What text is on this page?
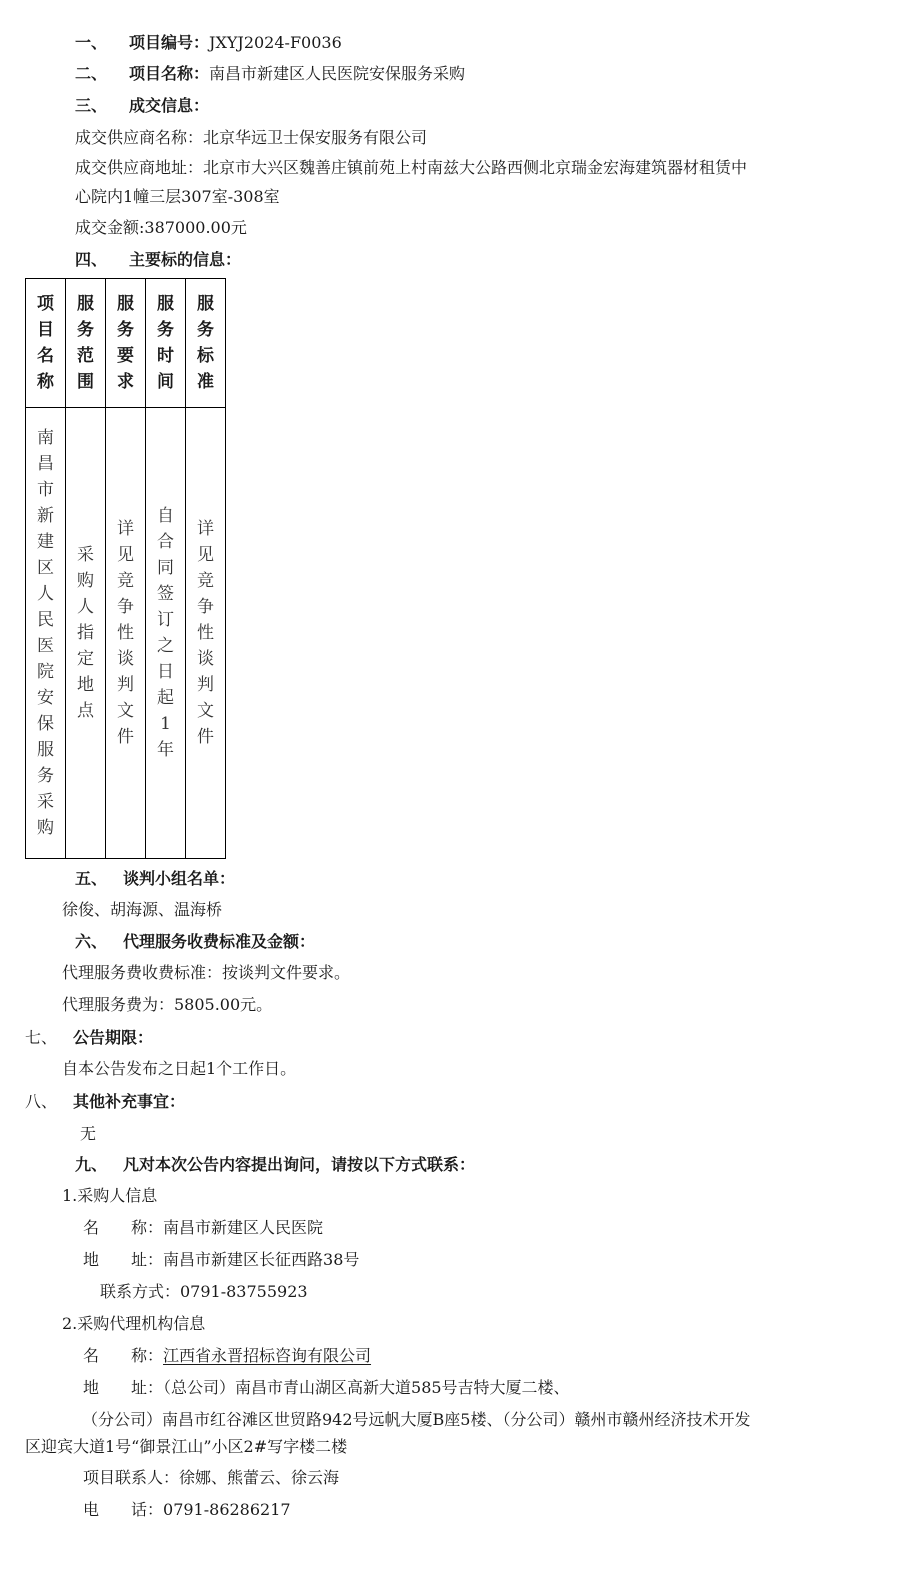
一、 项目编号：JXYJ2024-F0036
二、 项目名称：南昌市新建区人民医院安保服务采购
三、 成交信息：
成交供应商名称：北京华远卫士保安服务有限公司
成交供应商地址：北京市大兴区魏善庄镇前苑上村南兹大公路西侧北京瑞金宏海建筑器材租赁中
心院内1幢三层307室-308室
成交金额:387000.00元
四、 主要标的信息：
项目名称	服务范围	服务要求	服务时间	服务标准
南昌市新建区人民医院安保服务采购	采购人指定地点	详见竞争性谈判文件	自合同签订之日起1年	详见竞争性谈判文件
五、 谈判小组名单：
徐俊、胡海源、温海桥
六、 代理服务收费标准及金额：
代理服务费收费标准：按谈判文件要求。
代理服务费为：5805.00元。
七、 公告期限：
自本公告发布之日起1个工作日。
八、 其他补充事宜：
无
九、 凡对本次公告内容提出询问，请按以下方式联系：
1.采购人信息
名　　称：南昌市新建区人民医院
地　　址：南昌市新建区长征西路38号
联系方式：0791-83755923
2.采购代理机构信息
名　　称：江西省永晋招标咨询有限公司
地　　址：（总公司）南昌市青山湖区高新大道585号吉特大厦二楼、
（分公司）南昌市红谷滩区世贸路942号远帆大厦B座5楼、（分公司）赣州市赣州经济技术开发
区迎宾大道1号“御景江山”小区2#写字楼二楼
项目联系人：徐娜、熊蕾云、徐云海
电　　话：0791-86286217
